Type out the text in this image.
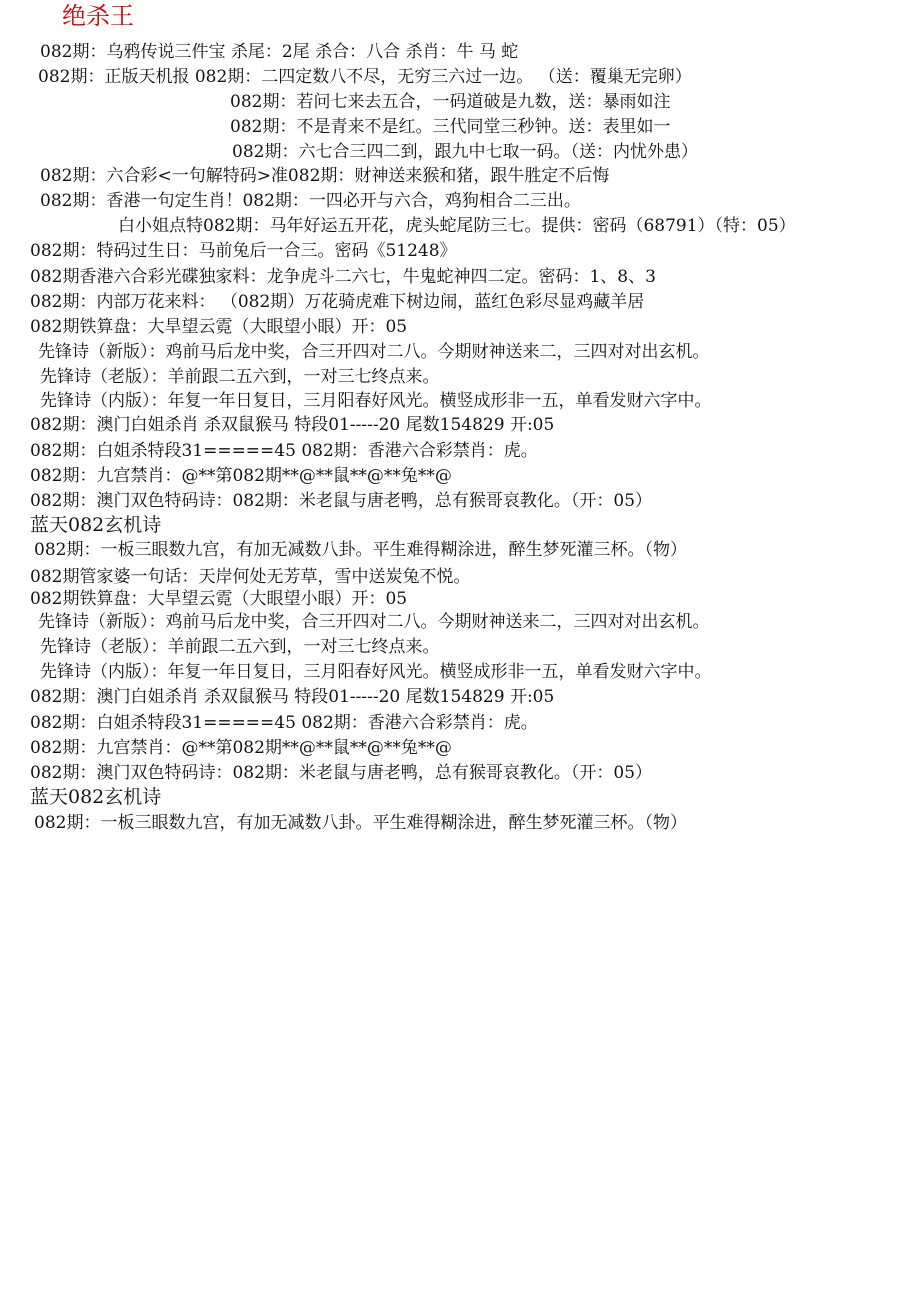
绝杀王
082期：乌鸦传说三件宝 杀尾：2尾 杀合：八合 杀肖：牛 马 蛇
082期：正版天机报 082期：二四定数八不尽，无穷三六过一边。 （送：覆巢无完卵）
082期：若问七来去五合，一码道破是九数，送：暴雨如注
082期：不是青来不是红。三代同堂三秒钟。送：表里如一
082期：六七合三四二到，跟九中七取一码。（送：内忧外患）
082期：六合彩<一句解特码>准082期：财神送来猴和猪，跟牛胜定不后悔
082期：香港一句定生肖！082期：一四必开与六合，鸡狗相合二三出。
白小姐点特082期：马年好运五开花，虎头蛇尾防三七。提供：密码（68791）（特：05）
082期：特码过生日：马前兔后一合三。密码《51248》
082期香港六合彩光碟独家料：龙争虎斗二六七，牛鬼蛇神四二定。密码：1、8、3
082期：内部万花来料： （082期）万花骑虎难下树边闹，蓝红色彩尽显鸡藏羊居
082期铁算盘：大旱望云霓（大眼望小眼）开：05
先锋诗（新版）：鸡前马后龙中奖，合三开四对二八。今期财神送来二，三四对对出玄机。
先锋诗（老版）：羊前跟二五六到，一对三七终点来。
先锋诗（内版）：年复一年日复日，三月阳春好风光。横竖成形非一五，单看发财六字中。
082期：澳门白姐杀肖 杀双鼠猴马 特段01-----20 尾数154829 开:05
082期：白姐杀特段31=====45 082期：香港六合彩禁肖：虎。
082期：九宫禁肖：@**第082期**@**鼠**@**兔**@
082期：澳门双色特码诗：082期：米老鼠与唐老鸭，总有猴哥哀教化。（开：05）
蓝天082玄机诗
082期：一板三眼数九宫，有加无减数八卦。平生难得糊涂进，醉生梦死灌三杯。（物）
082期管家婆一句话：天岸何处无芳草，雪中送炭兔不悦。
082期铁算盘：大旱望云霓（大眼望小眼）开：05
先锋诗（新版）：鸡前马后龙中奖，合三开四对二八。今期财神送来二，三四对对出玄机。
先锋诗（老版）：羊前跟二五六到，一对三七终点来。
先锋诗（内版）：年复一年日复日，三月阳春好风光。横竖成形非一五，单看发财六字中。
082期：澳门白姐杀肖 杀双鼠猴马 特段01-----20 尾数154829 开:05
082期：白姐杀特段31=====45 082期：香港六合彩禁肖：虎。
082期：九宫禁肖：@**第082期**@**鼠**@**兔**@
082期：澳门双色特码诗：082期：米老鼠与唐老鸭，总有猴哥哀教化。（开：05）
蓝天082玄机诗
082期：一板三眼数九宫，有加无减数八卦。平生难得糊涂进，醉生梦死灌三杯。（物）
